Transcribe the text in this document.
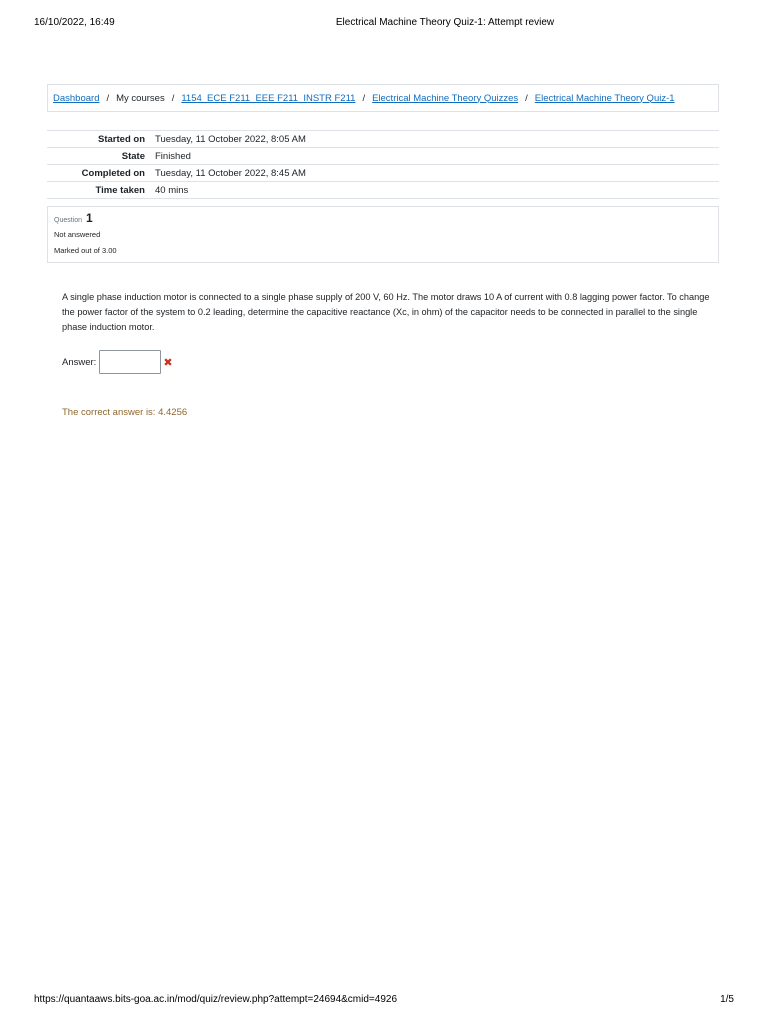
16/10/2022, 16:49	Electrical Machine Theory Quiz-1: Attempt review
Dashboard / My courses / 1154_ECE F211_EEE F211_INSTR F211 / Electrical Machine Theory Quizzes / Electrical Machine Theory Quiz-1
Started on	Tuesday, 11 October 2022, 8:05 AM
State	Finished
Completed on	Tuesday, 11 October 2022, 8:45 AM
Time taken	40 mins
Question 1
Not answered
Marked out of 3.00
A single phase induction motor is connected to a single phase supply of 200 V, 60 Hz. The motor draws 10 A of current with 0.8 lagging power factor. To change the power factor of the system to 0.2 leading, determine the capacitive reactance (Xc, in ohm) of the capacitor needs to be connected in parallel to the single phase induction motor.
Answer:	✖
The correct answer is: 4.4256
https://quantaaws.bits-goa.ac.in/mod/quiz/review.php?attempt=24694&cmid=4926	1/5
